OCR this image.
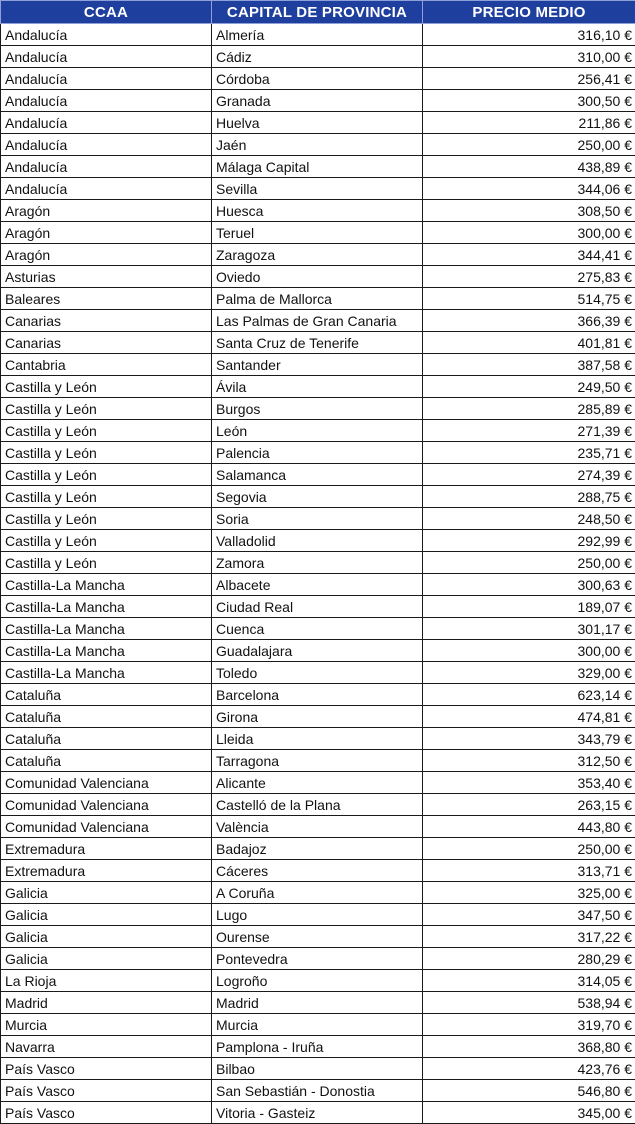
CCAA	CAPITAL DE PROVINCIA	PRECIO MEDIO
Andalucía	Almería	316,10 €
Andalucía	Cádiz	310,00 €
Andalucía	Córdoba	256,41 €
Andalucía	Granada	300,50 €
Andalucía	Huelva	211,86 €
Andalucía	Jaén	250,00 €
Andalucía	Málaga Capital	438,89 €
Andalucía	Sevilla	344,06 €
Aragón	Huesca	308,50 €
Aragón	Teruel	300,00 €
Aragón	Zaragoza	344,41 €
Asturias	Oviedo	275,83 €
Baleares	Palma de Mallorca	514,75 €
Canarias	Las Palmas de Gran Canaria	366,39 €
Canarias	Santa Cruz de Tenerife	401,81 €
Cantabria	Santander	387,58 €
Castilla y León	Ávila	249,50 €
Castilla y León	Burgos	285,89 €
Castilla y León	León	271,39 €
Castilla y León	Palencia	235,71 €
Castilla y León	Salamanca	274,39 €
Castilla y León	Segovia	288,75 €
Castilla y León	Soria	248,50 €
Castilla y León	Valladolid	292,99 €
Castilla y León	Zamora	250,00 €
Castilla-La Mancha	Albacete	300,63 €
Castilla-La Mancha	Ciudad Real	189,07 €
Castilla-La Mancha	Cuenca	301,17 €
Castilla-La Mancha	Guadalajara	300,00 €
Castilla-La Mancha	Toledo	329,00 €
Cataluña	Barcelona	623,14 €
Cataluña	Girona	474,81 €
Cataluña	Lleida	343,79 €
Cataluña	Tarragona	312,50 €
Comunidad Valenciana	Alicante	353,40 €
Comunidad Valenciana	Castelló de la Plana	263,15 €
Comunidad Valenciana	València	443,80 €
Extremadura	Badajoz	250,00 €
Extremadura	Cáceres	313,71 €
Galicia	A Coruña	325,00 €
Galicia	Lugo	347,50 €
Galicia	Ourense	317,22 €
Galicia	Pontevedra	280,29 €
La Rioja	Logroño	314,05 €
Madrid	Madrid	538,94 €
Murcia	Murcia	319,70 €
Navarra	Pamplona - Iruña	368,80 €
País Vasco	Bilbao	423,76 €
País Vasco	San Sebastián - Donostia	546,80 €
País Vasco	Vitoria - Gasteiz	345,00 €
